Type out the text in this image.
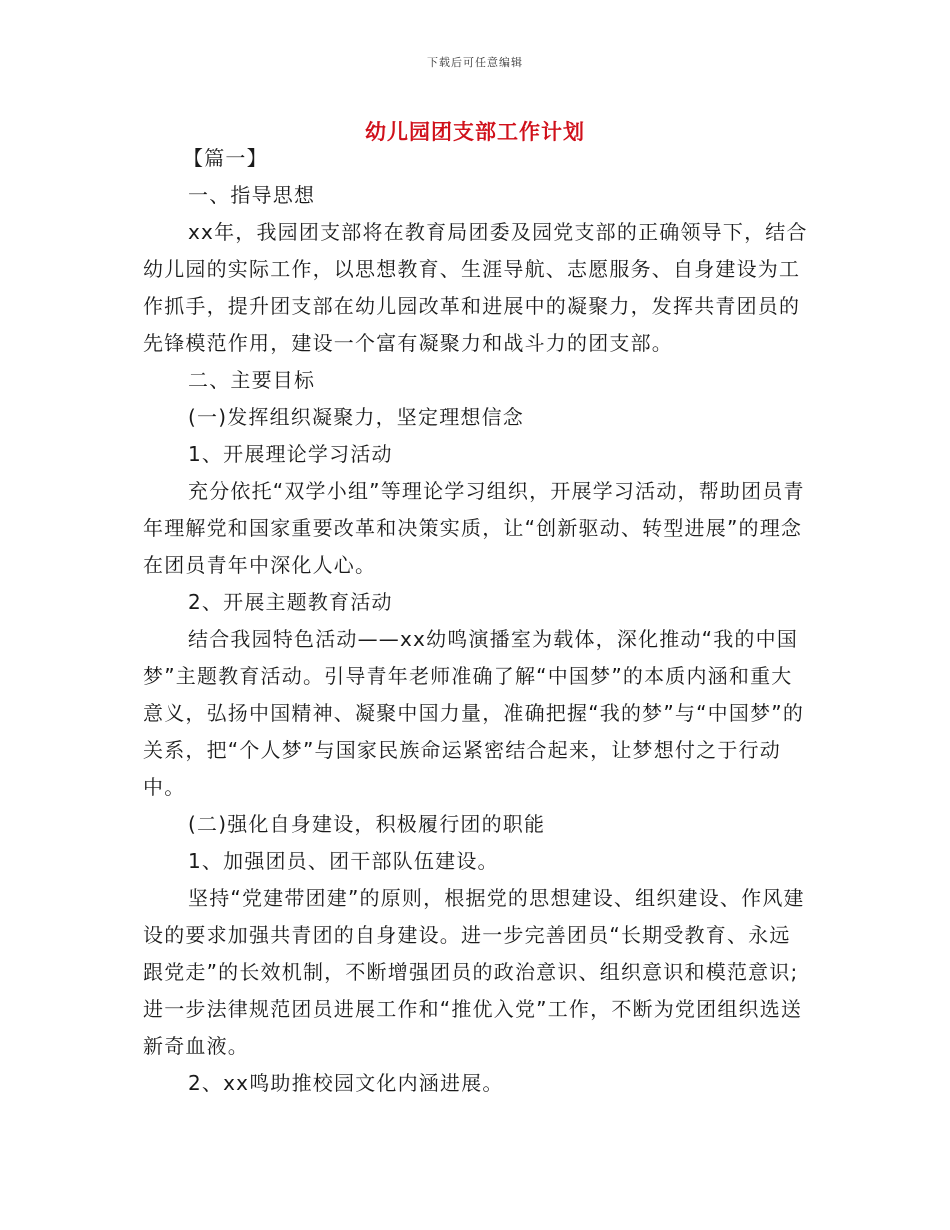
下载后可任意编辑
幼儿园团支部工作计划

【篇一】

一、指导思想

xx年，我园团支部将在教育局团委及园党支部的正确领导下，结合幼儿园的实际工作，以思想教育、生涯导航、志愿服务、自身建设为工作抓手，提升团支部在幼儿园改革和进展中的凝聚力，发挥共青团员的先锋模范作用，建设一个富有凝聚力和战斗力的团支部。

二、主要目标

(一)发挥组织凝聚力，坚定理想信念

1、开展理论学习活动

充分依托“双学小组”等理论学习组织，开展学习活动，帮助团员青年理解党和国家重要改革和决策实质，让“创新驱动、转型进展”的理念在团员青年中深化人心。

2、开展主题教育活动

结合我园特色活动——xx幼鸣演播室为载体，深化推动“我的中国梦”主题教育活动。引导青年老师准确了解“中国梦”的本质内涵和重大意义，弘扬中国精神、凝聚中国力量，准确把握“我的梦”与“中国梦”的关系，把“个人梦”与国家民族命运紧密结合起来，让梦想付之于行动中。

(二)强化自身建设，积极履行团的职能

1、加强团员、团干部队伍建设。

坚持“党建带团建”的原则，根据党的思想建设、组织建设、作风建设的要求加强共青团的自身建设。进一步完善团员“长期受教育、永远跟党走”的长效机制，不断增强团员的政治意识、组织意识和模范意识;进一步法律规范团员进展工作和“推优入党”工作，不断为党团组织选送新奇血液。

2、xx鸣助推校园文化内涵进展。
